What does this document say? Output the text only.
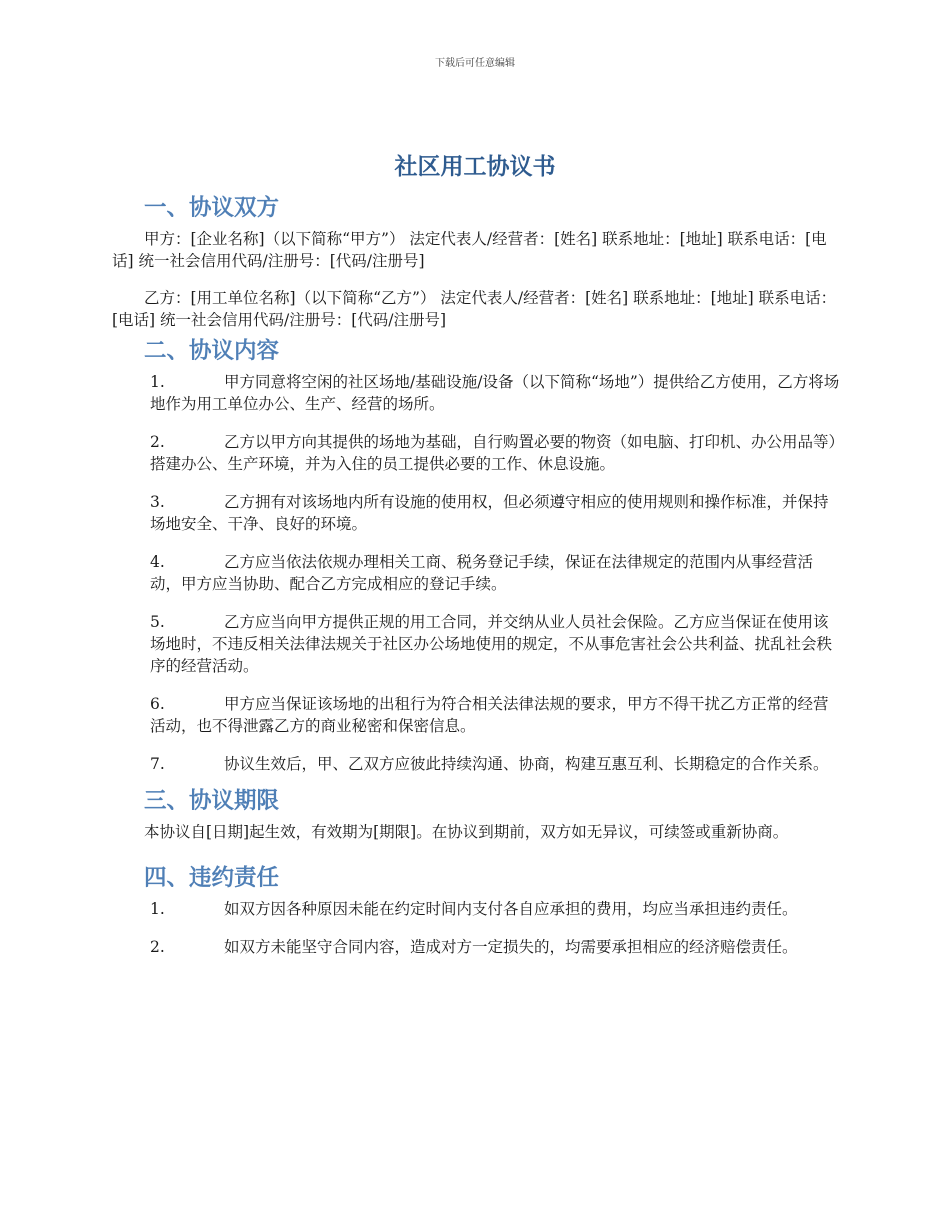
下载后可任意编辑
社区用工协议书
一、协议双方

甲方：[企业名称]（以下简称“甲方”） 法定代表人/经营者：[姓名] 联系地址：[地址] 联系电话：[电话] 统一社会信用代码/注册号：[代码/注册号]

乙方：[用工单位名称]（以下简称“乙方”） 法定代表人/经营者：[姓名] 联系地址：[地址] 联系电话：[电话] 统一社会信用代码/注册号：[代码/注册号]

二、协议内容
1.	甲方同意将空闲的社区场地/基础设施/设备（以下简称“场地”）提供给乙方使用，乙方将场地作为用工单位办公、生产、经营的场所。
2.	乙方以甲方向其提供的场地为基础，自行购置必要的物资（如电脑、打印机、办公用品等）搭建办公、生产环境，并为入住的员工提供必要的工作、休息设施。
3.	乙方拥有对该场地内所有设施的使用权，但必须遵守相应的使用规则和操作标准，并保持场地安全、干净、良好的环境。
4.	乙方应当依法依规办理相关工商、税务登记手续，保证在法律规定的范围内从事经营活动，甲方应当协助、配合乙方完成相应的登记手续。
5.	乙方应当向甲方提供正规的用工合同，并交纳从业人员社会保险。乙方应当保证在使用该场地时，不违反相关法律法规关于社区办公场地使用的规定，不从事危害社会公共利益、扰乱社会秩序的经营活动。
6.	甲方应当保证该场地的出租行为符合相关法律法规的要求，甲方不得干扰乙方正常的经营活动，也不得泄露乙方的商业秘密和保密信息。
7.	协议生效后，甲、乙双方应彼此持续沟通、协商，构建互惠互利、长期稳定的合作关系。
三、协议期限

本协议自[日期]起生效，有效期为[期限]。在协议到期前，双方如无异议，可续签或重新协商。

四、违约责任
1.	如双方因各种原因未能在约定时间内支付各自应承担的费用，均应当承担违约责任。
2.	如双方未能坚守合同内容，造成对方一定损失的，均需要承担相应的经济赔偿责任。
